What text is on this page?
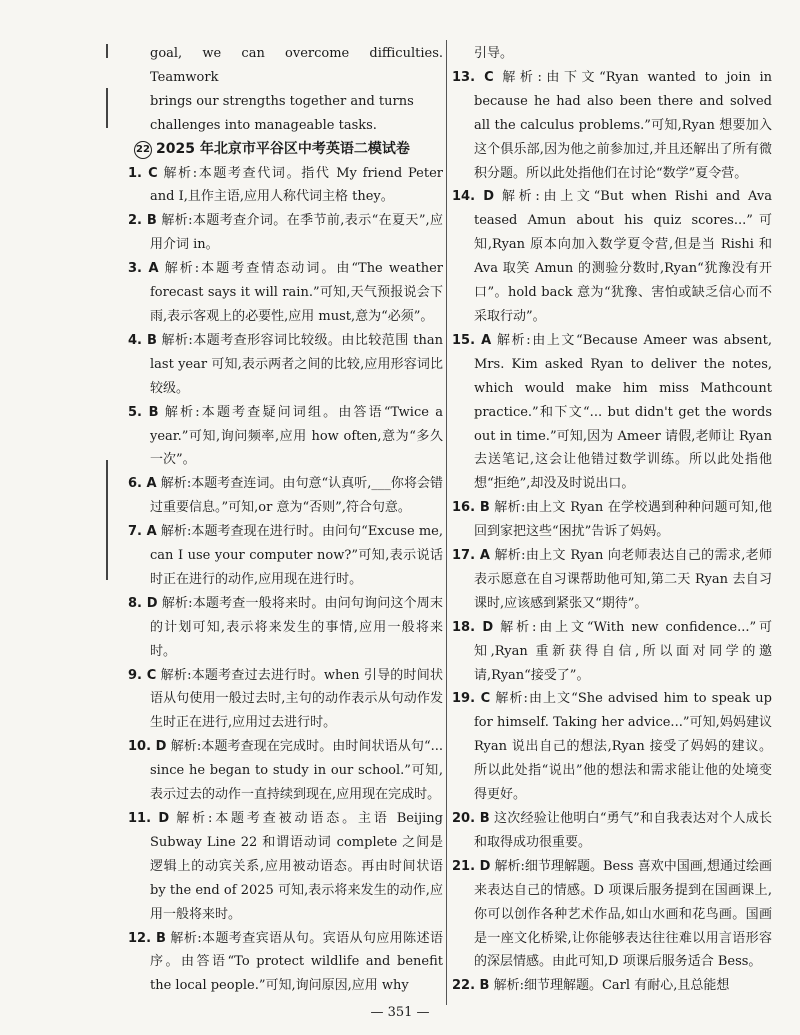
goal, we can overcome difficulties. Teamwork
brings our strengths together and turns
challenges into manageable tasks.
22 2025 年北京市平谷区中考英语二模试卷
1. C 解析:本题考查代词。指代 My friend Peter and I,且作主语,应用人称代词主格 they。
2. B 解析:本题考查介词。在季节前,表示“在夏天”,应用介词 in。
3. A 解析:本题考查情态动词。由“The weather forecast says it will rain.”可知,天气预报说会下雨,表示客观上的必要性,应用 must,意为“必须”。
4. B 解析:本题考查形容词比较级。由比较范围 than last year 可知,表示两者之间的比较,应用形容词比较级。
5. B 解析:本题考查疑问词组。由答语“Twice a year.”可知,询问频率,应用 how often,意为“多久一次”。
6. A 解析:本题考查连词。由句意“认真听,___你将会错过重要信息。”可知,or 意为“否则”,符合句意。
7. A 解析:本题考查现在进行时。由问句“Excuse me, can I use your computer now?”可知,表示说话时正在进行的动作,应用现在进行时。
8. D 解析:本题考查一般将来时。由问句询问这个周末的计划可知,表示将来发生的事情,应用一般将来时。
9. C 解析:本题考查过去进行时。when 引导的时间状语从句使用一般过去时,主句的动作表示从句动作发生时正在进行,应用过去进行时。
10. D 解析:本题考查现在完成时。由时间状语从句“... since he began to study in our school.”可知,表示过去的动作一直持续到现在,应用现在完成时。
11. D 解析:本题考查被动语态。主语 Beijing Subway Line 22 和谓语动词 complete 之间是逻辑上的动宾关系,应用被动语态。再由时间状语 by the end of 2025 可知,表示将来发生的动作,应用一般将来时。
12. B 解析:本题考查宾语从句。宾语从句应用陈述语序。由答语“To protect wildlife and benefit the local people.”可知,询问原因,应用 why
引导。
13. C 解析:由下文“Ryan wanted to join in because he had also been there and solved all the calculus problems.”可知,Ryan 想要加入这个俱乐部,因为他之前参加过,并且还解出了所有微积分题。所以此处指他们在讨论“数学”夏令营。
14. D 解析:由上文“But when Rishi and Ava teased Amun about his quiz scores...”可知,Ryan 原本向加入数学夏令营,但是当 Rishi 和 Ava 取笑 Amun 的测验分数时,Ryan“犹豫没有开口”。hold back 意为“犹豫、害怕或缺乏信心而不采取行动”。
15. A 解析:由上文“Because Ameer was absent, Mrs. Kim asked Ryan to deliver the notes, which would make him miss Mathcount practice.”和下文“... but didn't get the words out in time.”可知,因为 Ameer 请假,老师让 Ryan 去送笔记,这会让他错过数学训练。所以此处指他想“拒绝”,却没及时说出口。
16. B 解析:由上文 Ryan 在学校遇到种种问题可知,他回到家把这些“困扰”告诉了妈妈。
17. A 解析:由上文 Ryan 向老师表达自己的需求,老师表示愿意在自习课帮助他可知,第二天 Ryan 去自习课时,应该感到紧张又“期待”。
18. D 解析:由上文“With new confidence...”可知,Ryan 重新获得自信,所以面对同学的邀请,Ryan“接受了”。
19. C 解析:由上文“She advised him to speak up for himself. Taking her advice...”可知,妈妈建议 Ryan 说出自己的想法,Ryan 接受了妈妈的建议。所以此处指“说出”他的想法和需求能让他的处境变得更好。
20. B 这次经验让他明白“勇气”和自我表达对个人成长和取得成功很重要。
21. D 解析:细节理解题。Bess 喜欢中国画,想通过绘画来表达自己的情感。D 项课后服务提到在国画课上,你可以创作各种艺术作品,如山水画和花鸟画。国画是一座文化桥梁,让你能够表达往往难以用言语形容的深层情感。由此可知,D 项课后服务适合 Bess。
22. B 解析:细节理解题。Carl 有耐心,且总能想
— 351 —
